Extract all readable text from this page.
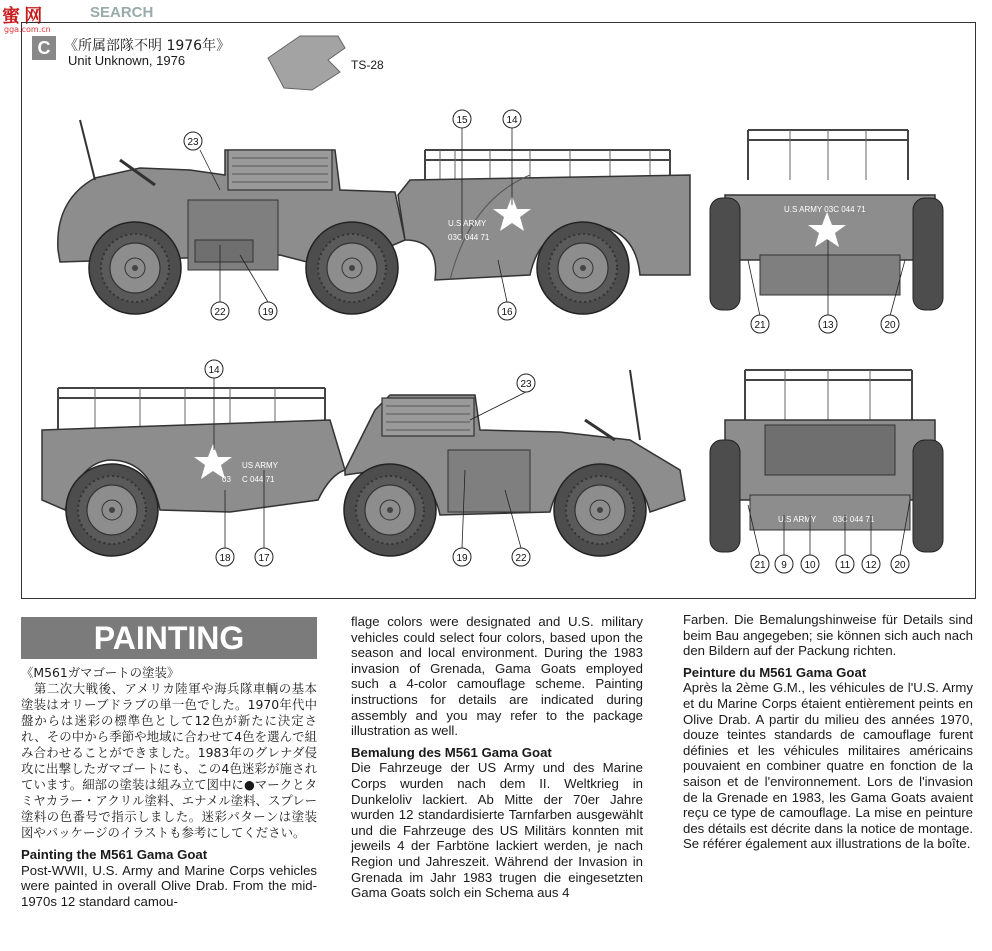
蜜 网	SEARCH
gga.com.cn
C 《所属部隊不明 1976年》
Unit Unknown, 1976	TS-28
U.S ARMY
03C 044 71
US ARMY
03 C 044 71
U.S ARMY 03C 044 71
U.S ARMY 03C 044 71
23
15	14
22	19	16
14
23
18	17	19	22
21	13	20
21 9 10 11 12 20
PAINTING

《M561ガマゴートの塗装》

　第二次大戦後、アメリカ陸軍や海兵隊車輌の基本塗装はオリーブドラブの単一色でした。1970年代中盤からは迷彩の標準色として12色が新たに決定され、その中から季節や地域に合わせて4色を選んで組み合わせることができました。1983年のグレナダ侵攻に出撃したガマゴートにも、この4色迷彩が施されています。細部の塗装は組み立て図中に●マークとタミヤカラー・アクリル塗料、エナメル塗料、スプレー塗料の色番号で指示しました。迷彩パターンは塗装図やパッケージのイラストも参考にしてください。

Painting the M561 Gama Goat

Post-WWII, U.S. Army and Marine Corps vehicles were painted in overall Olive Drab. From the mid-1970s 12 standard camou-

flage colors were designated and U.S. military vehicles could select four colors, based upon the season and local environment. During the 1983 invasion of Grenada, Gama Goats employed such a 4-color camouflage scheme. Painting instructions for details are indicated during assembly and you may refer to the package illustration as well.

Bemalung des M561 Gama Goat

Die Fahrzeuge der US Army und des Marine Corps wurden nach dem II. Weltkrieg in Dunkeloliv lackiert. Ab Mitte der 70er Jahre wurden 12 standardisierte Tarnfarben ausgewählt und die Fahrzeuge des US Militärs konnten mit jeweils 4 der Farbtöne lackiert werden, je nach Region und Jahreszeit. Während der Invasion in Grenada im Jahr 1983 trugen die eingesetzten Gama Goats solch ein Schema aus 4

Farben. Die Bemalungshinweise für Details sind beim Bau angegeben; sie können sich auch nach den Bildern auf der Packung richten.

Peinture du M561 Gama Goat

Après la 2ème G.M., les véhicules de l'U.S. Army et du Marine Corps étaient entièrement peints en Olive Drab. A partir du milieu des années 1970, douze teintes standards de camouflage furent définies et les véhicules militaires américains pouvaient en combiner quatre en fonction de la saison et de l'environnement. Lors de l'invasion de la Grenade en 1983, les Gama Goats avaient reçu ce type de camouflage. La mise en peinture des détails est décrite dans la notice de montage. Se référer également aux illustrations de la boîte.
